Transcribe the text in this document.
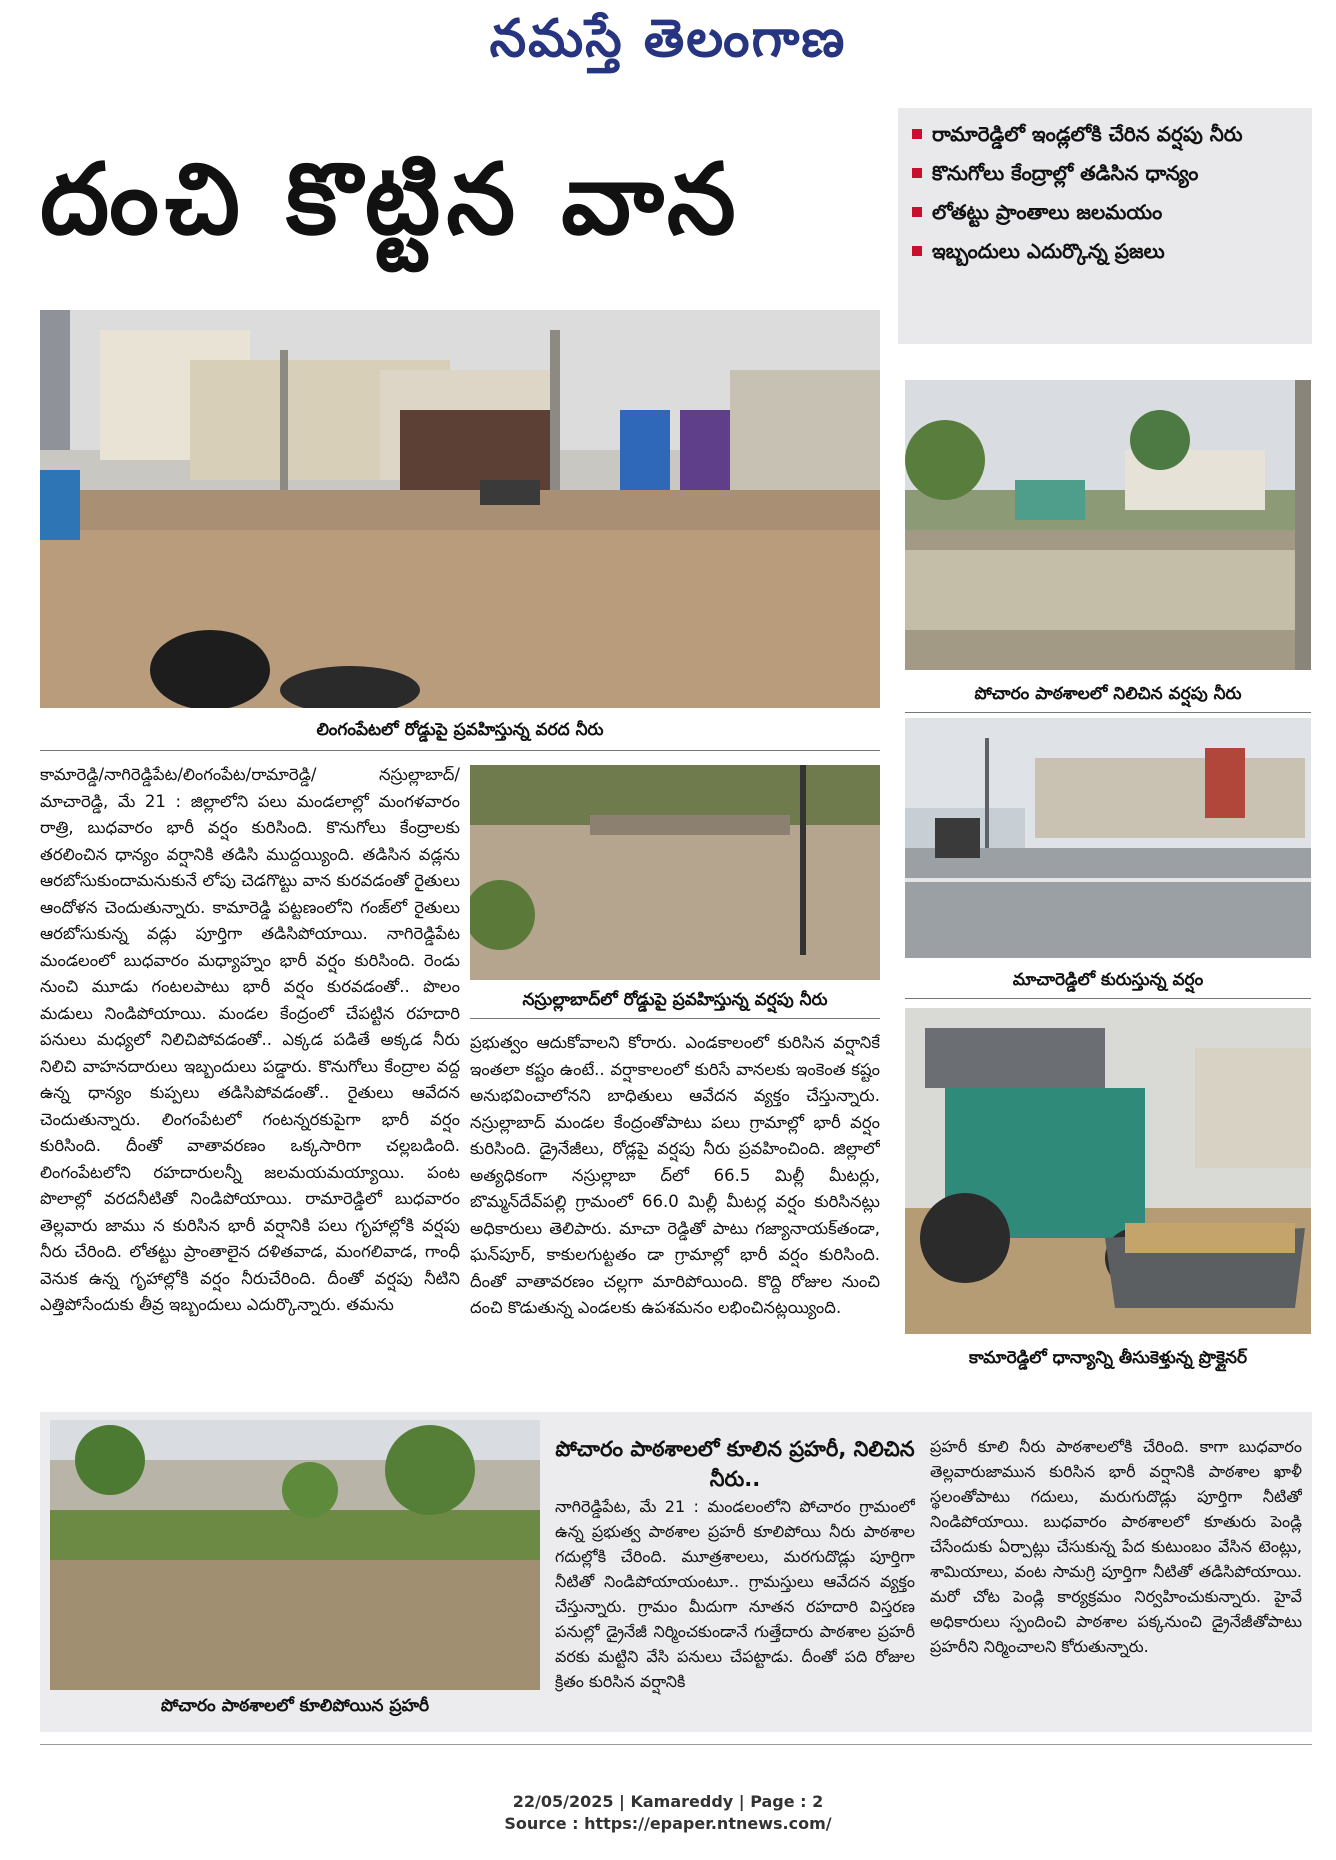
నమస్తే తెలంగాణ
దంచి కొట్టిన వాన
రామారెడ్డిలో ఇండ్లలోకి చేరిన వర్షపు నీరు
కొనుగోలు కేంద్రాల్లో తడిసిన ధాన్యం
లోతట్టు ప్రాంతాలు జలమయం
ఇబ్బందులు ఎదుర్కొన్న ప్రజలు
లింగంపేటలో రోడ్డుపై ప్రవహిస్తున్న వరద నీరు
పోచారం పాఠశాలలో నిలిచిన వర్షపు నీరు
మాచారెడ్డిలో కురుస్తున్న వర్షం
కామారెడ్డిలో ధాన్యాన్ని తీసుకెళ్తున్న ప్రొక్లైనర్
నస్రుల్లాబాద్‌లో రోడ్డుపై ప్రవహిస్తున్న వర్షపు నీరు
కామారెడ్డి/నాగిరెడ్డిపేట/లింగంపేట/రామారెడ్డి/ నస్రుల్లాబాద్/మాచారెడ్డి, మే 21 : జిల్లాలోని పలు మండలాల్లో మంగళవారం రాత్రి, బుధవారం భారీ వర్షం కురిసింది. కొనుగోలు కేంద్రాలకు తరలించిన ధాన్యం వర్షానికి తడిసి ముద్దయ్యింది. తడిసిన వడ్లను ఆరబోసుకుందామనుకునే లోపు చెడగొట్టు వాన కురవడంతో రైతులు ఆందోళన చెందుతున్నారు. కామారెడ్డి పట్టణంలోని గంజ్‌లో రైతులు ఆరబోసుకున్న వడ్లు పూర్తిగా తడిసిపోయాయి. నాగిరెడ్డిపేట మండలంలో బుధవారం మధ్యాహ్నం భారీ వర్షం కురిసింది. రెండు నుంచి మూడు గంటలపాటు భారీ వర్షం కురవడంతో.. పొలం మడులు నిండిపోయాయి. మండల కేంద్రంలో చేపట్టిన రహదారి పనులు మధ్యలో నిలిచిపోవడంతో.. ఎక్కడ పడితే అక్కడ నీరు నిలిచి వాహనదారులు ఇబ్బందులు పడ్డారు. కొనుగోలు కేంద్రాల వద్ద ఉన్న ధాన్యం కుప్పలు తడిసిపోవడంతో.. రైతులు ఆవేదన చెందుతున్నారు. లింగంపేటలో గంటన్నరకుపైగా భారీ వర్షం కురిసింది. దీంతో వాతావరణం ఒక్కసారిగా చల్లబడింది. లింగంపేటలోని రహదారులన్నీ జలమయమయ్యాయి. పంట పొలాల్లో వరదనీటితో నిండిపోయాయి. రామారెడ్డిలో బుధవారం తెల్లవారు జాము న కురిసిన భారీ వర్షానికి పలు గృహాల్లోకి వర్షపు నీరు చేరింది. లోతట్టు ప్రాంతాలైన దళితవాడ, మంగలివాడ, గాంధీ వెనుక ఉన్న గృహాల్లోకి వర్షం నీరుచేరింది. దీంతో వర్షపు నీటిని ఎత్తిపోసేందుకు తీవ్ర ఇబ్బందులు ఎదుర్కొన్నారు. తమను
ప్రభుత్వం ఆదుకోవాలని కోరారు. ఎండకాలంలో కురిసిన వర్షానికే ఇంతలా కష్టం ఉంటే.. వర్షాకాలంలో కురిసే వానలకు ఇంకెంత కష్టం అనుభవించాలోనని బాధితులు ఆవేదన వ్యక్తం చేస్తున్నారు. నస్రుల్లాబాద్ మండల కేంద్రంతోపాటు పలు గ్రామాల్లో భారీ వర్షం కురిసింది. డ్రైనేజీలు, రోడ్లపై వర్షపు నీరు ప్రవహించింది. జిల్లాలో అత్యధికంగా నస్రుల్లాబా ద్‌లో 66.5 మిల్లీ మీటర్లు, బొమ్మన్‌దేవ్‌పల్లి గ్రామంలో 66.0 మిల్లీ మీటర్ల వర్షం కురిసినట్లు అధికారులు తెలిపారు. మాచా రెడ్డితో పాటు గజ్యానాయక్‌తండా, ఘన్‌పూర్, కాకులగుట్టతం డా గ్రామాల్లో భారీ వర్షం కురిసింది. దీంతో వాతావరణం చల్లగా మారిపోయింది. కొద్ది రోజుల నుంచి దంచి కొడుతున్న ఎండలకు ఉపశమనం లభించినట్లయ్యింది.
పోచారం పాఠశాలలో కూలిపోయిన ప్రహరీ
పోచారం పాఠశాలలో కూలిన ప్రహరీ, నిలిచిన నీరు..
నాగిరెడ్డిపేట, మే 21 : మండలంలోని పోచారం గ్రామంలో ఉన్న ప్రభుత్వ పాఠశాల ప్రహరీ కూలిపోయి నీరు పాఠశాల గదుల్లోకి చేరింది. మూత్రశాలలు, మరగుదొడ్లు పూర్తిగా నీటితో నిండిపోయాయంటూ.. గ్రామస్తులు ఆవేదన వ్యక్తం చేస్తున్నారు. గ్రామం మీదుగా నూతన రహదారి విస్తరణ పనుల్లో డ్రైనేజీ నిర్మించకుండానే గుత్తేదారు పాఠశాల ప్రహరీ వరకు మట్టిని వేసి పనులు చేపట్టాడు. దీంతో పది రోజుల క్రితం కురిసిన వర్షానికి
ప్రహరీ కూలి నీరు పాఠశాలలోకి చేరింది. కాగా బుధవారం తెల్లవారుజామున కురిసిన భారీ వర్షానికి పాఠశాల ఖాళీ స్థలంతోపాటు గదులు, మరుగుదొడ్లు పూర్తిగా నీటితో నిండిపోయాయి. బుధవారం పాఠశాలలో కూతురు పెండ్లి చేసేందుకు ఏర్పాట్లు చేసుకున్న పేద కుటుంబం వేసిన టెంట్లు, శామియాలు, వంట సామగ్రి పూర్తిగా నీటితో తడిసిపోయాయి. మరో చోట పెండ్లి కార్యక్రమం నిర్వహించుకున్నారు. హైవే అధికారులు స్పందించి పాఠశాల పక్కనుంచి డ్రైనేజీతోపాటు ప్రహరీని నిర్మించాలని కోరుతున్నారు.
22/05/2025 | Kamareddy | Page : 2
Source : https://epaper.ntnews.com/
